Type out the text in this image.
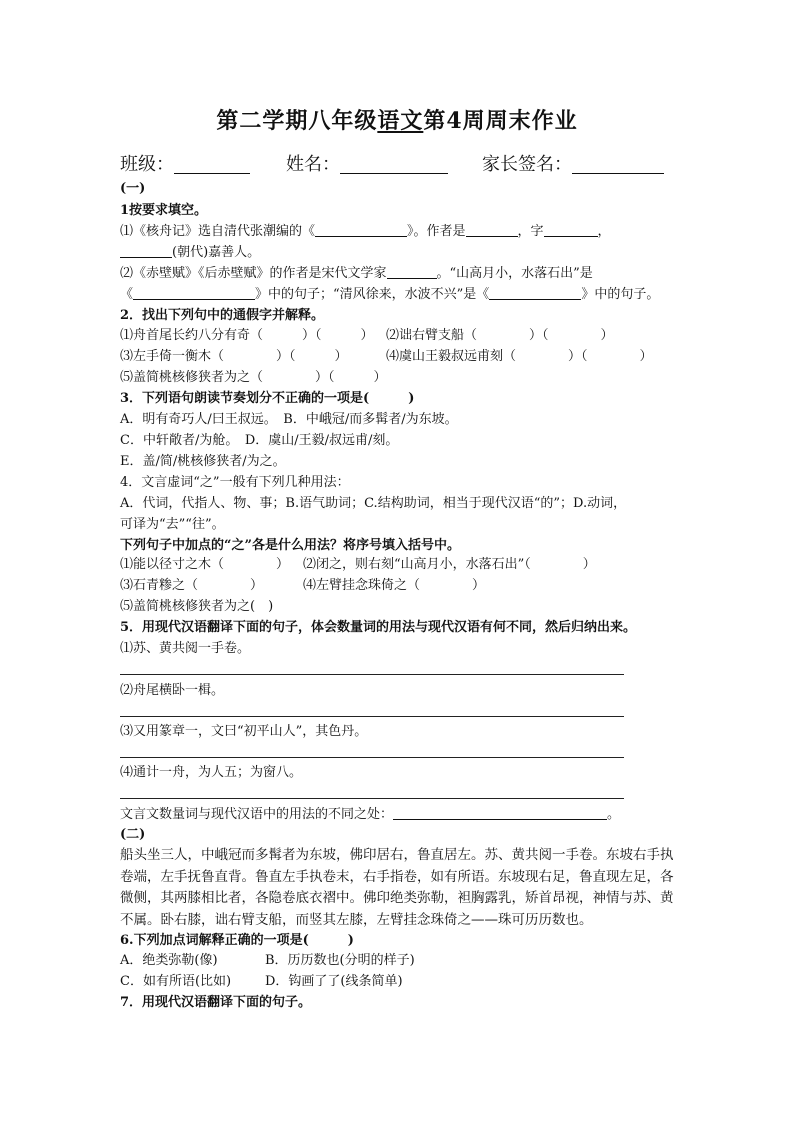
第二学期八年级语文第4周周末作业
班级：	姓名：	家长签名：
(一)
1按要求填空。
⑴《核舟记》选自清代张潮编的《	》。作者是	，字	，
(朝代)嘉善人。
⑵《赤壁赋》《后赤壁赋》的作者是宋代文学家	。“山高月小，水落石出”是
《	》中的句子；“清风徐来，水波不兴”是《	》中的句子。
2．找出下列句中的通假字并解释。
⑴舟首尾长约八分有奇（　　　）（　　　） ⑵诎右臂支船（　　　　）（　　　　）
⑶左手倚一衡木（　　　　）（　　　）	⑷虞山王毅叔远甫刻（　　　　）（　　　　）
⑸盖简桃核修狭者为之（　　　　）（　　　）
3．下列语句朗读节奏划分不正确的一项是(　　　)
A．明有奇巧人/曰王叔远。　B．中峨冠/而多髯者/为东坡。
C．中轩敞者/为舱。　D．虞山/王毅/叔远甫/刻。
E．盖/简/桃核修狭者/为之。
4．文言虚词“之”一般有下列几种用法：
A．代词，代指人、物、事；B.语气助词；C.结构助词，相当于现代汉语“的”；D.动词，
可译为“去”“往”。
下列句子中加点的“之”各是什么用法？将序号填入括号中。
⑴能以径寸之木（　　　　） ⑵闭之，则右刻“山高月小，水落石出”（　　　　）
⑶石青糁之（　　　　）	⑷左臂挂念珠倚之（　　　　）
⑸盖简桃核修狭者为之(　)
5．用现代汉语翻译下面的句子，体会数量词的用法与现代汉语有何不同，然后归纳出来。
⑴苏、黄共阅一手卷。
⑵舟尾横卧一楫。
⑶又用篆章一，文曰“初平山人”，其色丹。
⑷通计一舟，为人五；为窗八。
文言文数量词与现代汉语中的用法的不同之处：	。
(二)
船头坐三人，中峨冠而多髯者为东坡，佛印居右，鲁直居左。苏、黄共阅一手卷。东坡右手执卷端，左手抚鲁直背。鲁直左手执卷末，右手指卷，如有所语。东坡现右足，鲁直现左足，各微侧，其两膝相比者，各隐卷底衣褶中。佛印绝类弥勒，袒胸露乳，矫首昂视，神情与苏、黄不属。卧右膝，诎右臂支船，而竖其左膝，左臂挂念珠倚之——珠可历历数也。
6.下列加点词解释正确的一项是(　　　)
A．绝类弥勒(像)	B．历历数也(分明的样子)
C．如有所语(比如)	D．钩画了了(线条简单)
7．用现代汉语翻译下面的句子。
